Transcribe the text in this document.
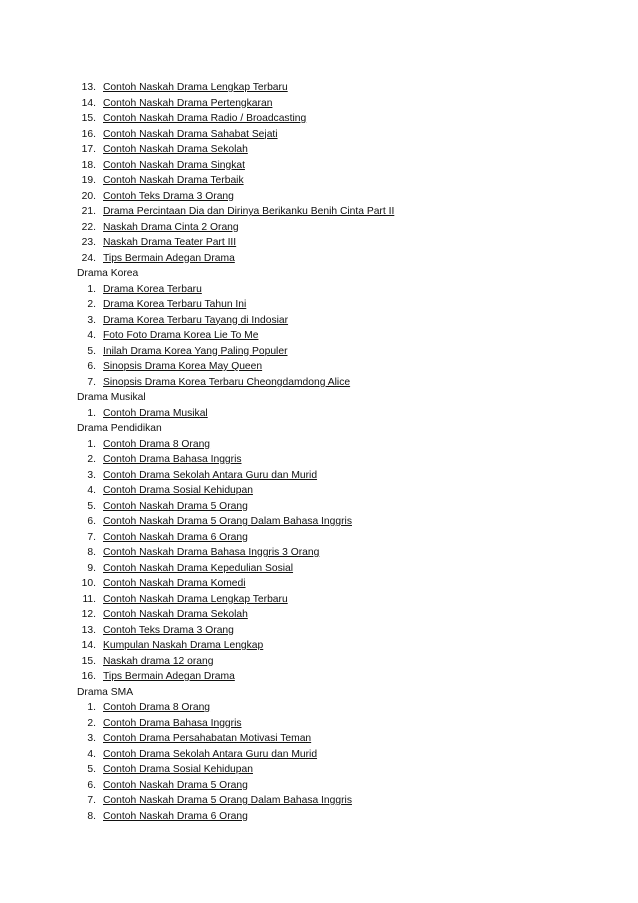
13. Contoh Naskah Drama Lengkap Terbaru
14. Contoh Naskah Drama Pertengkaran
15. Contoh Naskah Drama Radio / Broadcasting
16. Contoh Naskah Drama Sahabat Sejati
17. Contoh Naskah Drama Sekolah
18. Contoh Naskah Drama Singkat
19. Contoh Naskah Drama Terbaik
20. Contoh Teks Drama 3 Orang
21. Drama Percintaan Dia dan Dirinya Berikanku Benih Cinta Part II
22. Naskah Drama Cinta 2 Orang
23. Naskah Drama Teater Part III
24. Tips Bermain Adegan Drama
Drama Korea
1. Drama Korea Terbaru
2. Drama Korea Terbaru Tahun Ini
3. Drama Korea Terbaru Tayang di Indosiar
4. Foto Foto Drama Korea Lie To Me
5. Inilah Drama Korea Yang Paling Populer
6. Sinopsis Drama Korea May Queen
7. Sinopsis Drama Korea Terbaru Cheongdamdong Alice
Drama Musikal
1. Contoh Drama Musikal
Drama Pendidikan
1. Contoh Drama 8 Orang
2. Contoh Drama Bahasa Inggris
3. Contoh Drama Sekolah Antara Guru dan Murid
4. Contoh Drama Sosial Kehidupan
5. Contoh Naskah Drama 5 Orang
6. Contoh Naskah Drama 5 Orang Dalam Bahasa Inggris
7. Contoh Naskah Drama 6 Orang
8. Contoh Naskah Drama Bahasa Inggris 3 Orang
9. Contoh Naskah Drama Kepedulian Sosial
10. Contoh Naskah Drama Komedi
11. Contoh Naskah Drama Lengkap Terbaru
12. Contoh Naskah Drama Sekolah
13. Contoh Teks Drama 3 Orang
14. Kumpulan Naskah Drama Lengkap
15. Naskah drama 12 orang
16. Tips Bermain Adegan Drama
Drama SMA
1. Contoh Drama 8 Orang
2. Contoh Drama Bahasa Inggris
3. Contoh Drama Persahabatan Motivasi Teman
4. Contoh Drama Sekolah Antara Guru dan Murid
5. Contoh Drama Sosial Kehidupan
6. Contoh Naskah Drama 5 Orang
7. Contoh Naskah Drama 5 Orang Dalam Bahasa Inggris
8. Contoh Naskah Drama 6 Orang
